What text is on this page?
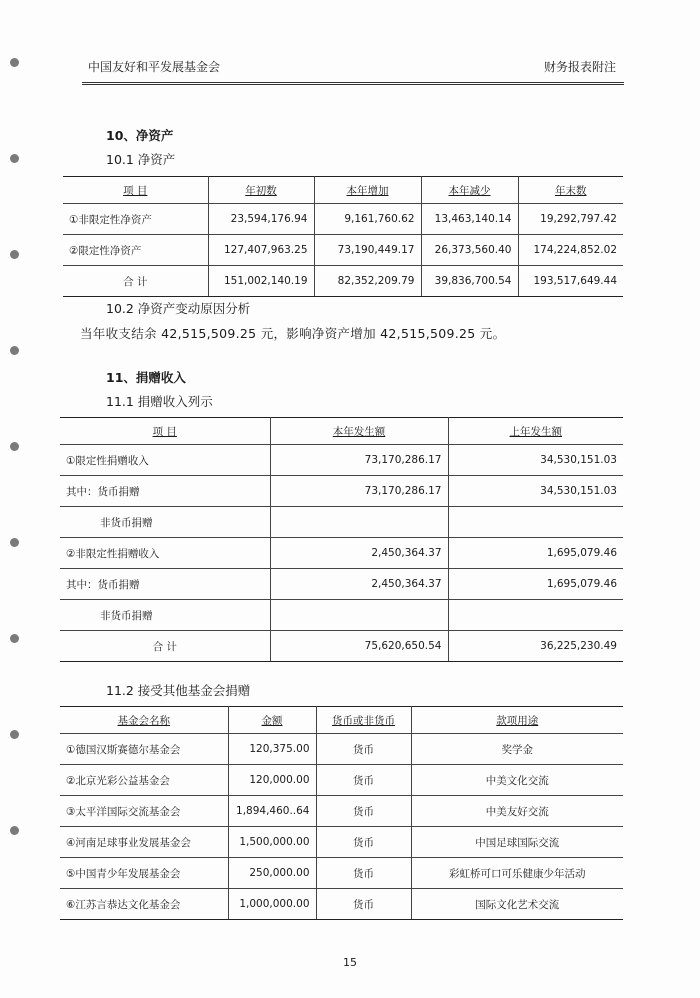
中国友好和平发展基金会	财务报表附注
10、净资产
10.1 净资产
项 目	年初数	本年增加	本年减少	年末数
①非限定性净资产	23,594,176.94	9,161,760.62	13,463,140.14	19,292,797.42
②限定性净资产	127,407,963.25	73,190,449.17	26,373,560.40	174,224,852.02
合 计	151,002,140.19	82,352,209.79	39,836,700.54	193,517,649.44
10.2 净资产变动原因分析
当年收支结余 42,515,509.25 元，影响净资产增加 42,515,509.25 元。
11、捐赠收入
11.1 捐赠收入列示
项 目	本年发生额	上年发生额
①限定性捐赠收入	73,170,286.17	34,530,151.03
其中：货币捐赠	73,170,286.17	34,530,151.03
非货币捐赠		
②非限定性捐赠收入	2,450,364.37	1,695,079.46
其中：货币捐赠	2,450,364.37	1,695,079.46
非货币捐赠		
合 计	75,620,650.54	36,225,230.49
11.2 接受其他基金会捐赠
基金会名称	金额	货币或非货币	款项用途
①德国汉斯赛德尔基金会	120,375.00	货币	奖学金
②北京光彩公益基金会	120,000.00	货币	中美文化交流
③太平洋国际交流基金会	1,894,460..64	货币	中美友好交流
④河南足球事业发展基金会	1,500,000.00	货币	中国足球国际交流
⑤中国青少年发展基金会	250,000.00	货币	彩虹桥可口可乐健康少年活动
⑥江苏言恭达文化基金会	1,000,000.00	货币	国际文化艺术交流
15
